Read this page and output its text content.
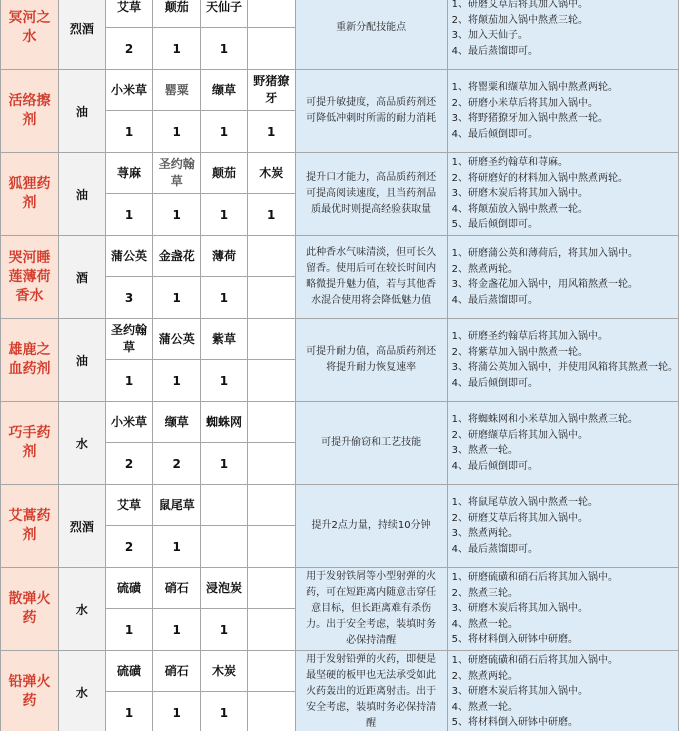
冥河之水	烈酒	艾草	颠茄	天仙子		重新分配技能点	1、研磨艾草后将其加入锅中。
2、将颠茄加入锅中熬煮三轮。
3、加入天仙子。
4、最后蒸馏即可。

		2	1	1			
活络擦剂	油	小米草	罂粟	缬草	野猪獠牙	可提升敏捷度，高品质药剂还可降低冲刺时所需的耐力消耗	1、将罂粟和缬草加入锅中熬煮两轮。
2、研磨小米草后将其加入锅中。
3、将野猪獠牙加入锅中熬煮一轮。
4、最后倾倒即可。

		1	1	1	1		
狐狸药剂	油	荨麻	圣约翰草	颠茄	木炭	提升口才能力，高品质药剂还可提高阅读速度，且当药剂品质最优时则提高经验获取量	1、研磨圣约翰草和荨麻。
2、将研磨好的材料加入锅中熬煮两轮。
3、研磨木炭后将其加入锅中。
4、将颠茄放入锅中熬煮一轮。
5、最后倾倒即可。

		1	1	1	1		
哭河睡莲薄荷香水	酒	蒲公英	金盏花	薄荷		此种香水气味清淡，但可长久留香。使用后可在较长时间内略微提升魅力值，若与其他香水混合使用将会降低魅力值	1、研磨蒲公英和薄荷后，将其加入锅中。
2、熬煮两轮。
3、将金盏花加入锅中，用风箱熬煮一轮。
4、最后蒸馏即可。

		3	1	1			
雄鹿之血药剂	油	圣约翰草	蒲公英	紫草		可提升耐力值，高品质药剂还将提升耐力恢复速率	1、研磨圣约翰草后将其加入锅中。
2、将紫草加入锅中熬煮一轮。
3、将蒲公英加入锅中，并使用风箱将其熬煮一轮。
4、最后倾倒即可。

		1	1	1			
巧手药剂	水	小米草	缬草	蜘蛛网		可提升偷窃和工艺技能	1、将蜘蛛网和小米草加入锅中熬煮三轮。
2、研磨缬草后将其加入锅中。
3、熬煮一轮。
4、最后倾倒即可。

		2	2	1			
艾蒿药剂	烈酒	艾草	鼠尾草			提升2点力量，持续10分钟	1、将鼠尾草放入锅中熬煮一轮。
2、研磨艾草后将其加入锅中。
3、熬煮两轮。
4、最后蒸馏即可。

		2	1				
散弹火药	水	硫磺	硝石	浸泡炭		用于发射铁屑等小型射弹的火药，可在短距离内随意击穿任意目标，但长距离难有杀伤力。出于安全考虑，装填时务必保持清醒	1、研磨硫磺和硝石后将其加入锅中。
2、熬煮三轮。
3、研磨木炭后将其加入锅中。
4、熬煮一轮。
5、将材料倒入研钵中研磨。

		1	1	1			
铅弹火药	水	硫磺	硝石	木炭		用于发射铅弹的火药，即便是最坚硬的板甲也无法承受如此火药轰出的近距离射击。出于安全考虑，装填时务必保持清醒	1、研磨硫磺和硝石后将其加入锅中。
2、熬煮两轮。
3、研磨木炭后将其加入锅中。
4、熬煮一轮。
5、将材料倒入研钵中研磨。

		1	1	1			
